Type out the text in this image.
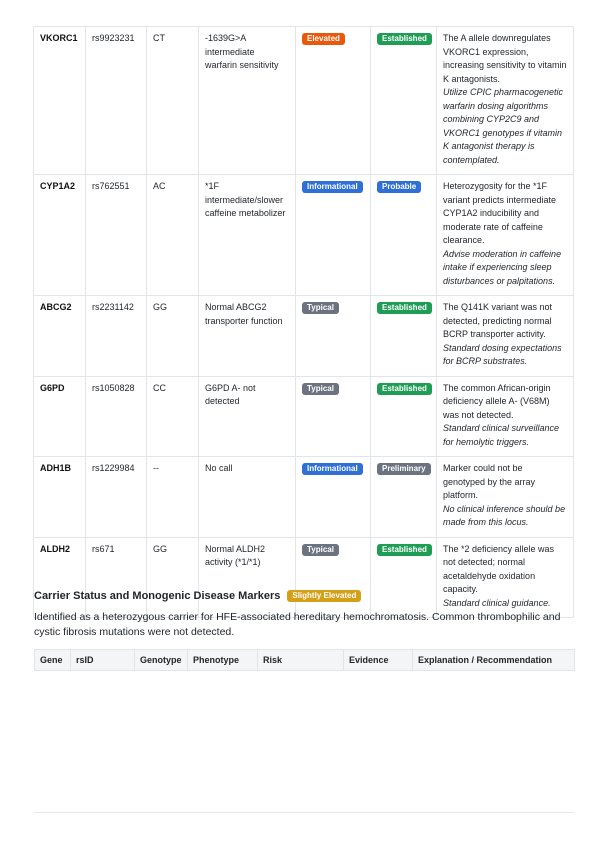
VKORC1	rs9923231	CT	-1639G>A intermediate warfarin sensitivity	Elevated	Established	The A allele downregulates VKORC1 expression, increasing sensitivity to vitamin K antagonists.
Utilize CPIC pharmacogenetic warfarin dosing algorithms combining CYP2C9 and VKORC1 genotypes if vitamin K antagonist therapy is contemplated.

CYP1A2	rs762551	AC	*1F intermediate/slower caffeine metabolizer	Informational	Probable	Heterozygosity for the *1F variant predicts intermediate CYP1A2 inducibility and moderate rate of caffeine clearance.
Advise moderation in caffeine intake if experiencing sleep disturbances or palpitations.

ABCG2	rs2231142	GG	Normal ABCG2 transporter function	Typical	Established	The Q141K variant was not detected, predicting normal BCRP transporter activity.
Standard dosing expectations for BCRP substrates.

G6PD	rs1050828	CC	G6PD A- not detected	Typical	Established	The common African-origin deficiency allele A- (V68M) was not detected.
Standard clinical surveillance for hemolytic triggers.

ADH1B	rs1229984	--	No call	Informational	Preliminary	Marker could not be genotyped by the array platform.
No clinical inference should be made from this locus.

ALDH2	rs671	GG	Normal ALDH2 activity (*1/*1)	Typical	Established	The *2 deficiency allele was not detected; normal acetaldehyde oxidation capacity.
Standard clinical guidance.
Carrier Status and Monogenic Disease Markers	Slightly Elevated
Identified as a heterozygous carrier for HFE-associated hereditary hemochromatosis. Common thrombophilic and cystic fibrosis mutations were not detected.
Gene	rsID	Genotype	Phenotype	Risk	Evidence	Explanation / Recommendation
